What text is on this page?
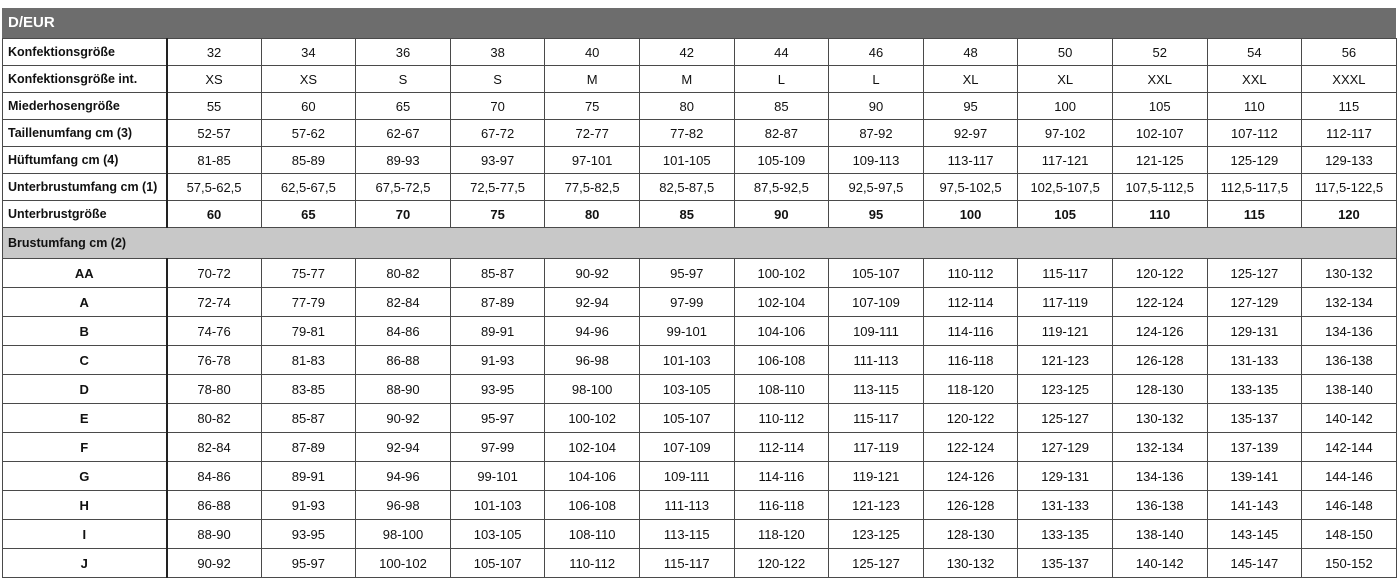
D/EUR
Konfektionsgröße	32	34	36	38	40	42	44	46	48	50	52	54	56
Konfektionsgröße int.	XS	XS	S	S	M	M	L	L	XL	XL	XXL	XXL	XXXL
Miederhosengröße	55	60	65	70	75	80	85	90	95	100	105	110	115
Taillenumfang cm (3)	52-57	57-62	62-67	67-72	72-77	77-82	82-87	87-92	92-97	97-102	102-107	107-112	112-117
Hüftumfang cm (4)	81-85	85-89	89-93	93-97	97-101	101-105	105-109	109-113	113-117	117-121	121-125	125-129	129-133
Unterbrustumfang cm (1)	57,5-62,5	62,5-67,5	67,5-72,5	72,5-77,5	77,5-82,5	82,5-87,5	87,5-92,5	92,5-97,5	97,5-102,5	102,5-107,5	107,5-112,5	112,5-117,5	117,5-122,5
Unterbrustgröße	60	65	70	75	80	85	90	95	100	105	110	115	120
Brustumfang cm (2)													
AA	70-72	75-77	80-82	85-87	90-92	95-97	100-102	105-107	110-112	115-117	120-122	125-127	130-132
A	72-74	77-79	82-84	87-89	92-94	97-99	102-104	107-109	112-114	117-119	122-124	127-129	132-134
B	74-76	79-81	84-86	89-91	94-96	99-101	104-106	109-111	114-116	119-121	124-126	129-131	134-136
C	76-78	81-83	86-88	91-93	96-98	101-103	106-108	111-113	116-118	121-123	126-128	131-133	136-138
D	78-80	83-85	88-90	93-95	98-100	103-105	108-110	113-115	118-120	123-125	128-130	133-135	138-140
E	80-82	85-87	90-92	95-97	100-102	105-107	110-112	115-117	120-122	125-127	130-132	135-137	140-142
F	82-84	87-89	92-94	97-99	102-104	107-109	112-114	117-119	122-124	127-129	132-134	137-139	142-144
G	84-86	89-91	94-96	99-101	104-106	109-111	114-116	119-121	124-126	129-131	134-136	139-141	144-146
H	86-88	91-93	96-98	101-103	106-108	111-113	116-118	121-123	126-128	131-133	136-138	141-143	146-148
I	88-90	93-95	98-100	103-105	108-110	113-115	118-120	123-125	128-130	133-135	138-140	143-145	148-150
J	90-92	95-97	100-102	105-107	110-112	115-117	120-122	125-127	130-132	135-137	140-142	145-147	150-152
